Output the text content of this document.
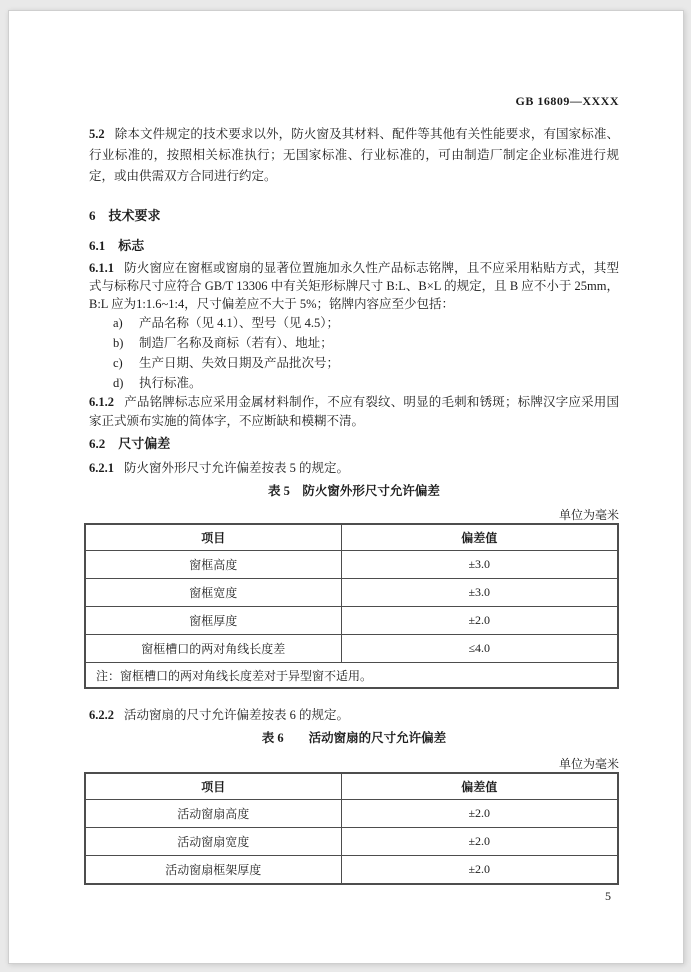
GB 16809—XXXX

5.2 除本文件规定的技术要求以外，防火窗及其材料、配件等其他有关性能要求，有国家标准、行业标准的，按照相关标准执行；无国家标准、行业标准的，可由制造厂制定企业标准进行规定，或由供需双方合同进行约定。

6 技术要求

6.1 标志

6.1.1 防火窗应在窗框或窗扇的显著位置施加永久性产品标志铭牌，且不应采用粘贴方式，其型式与标称尺寸应符合 GB/T 13306 中有关矩形标牌尺寸 B:L、B×L 的规定，且 B 应不小于 25mm，B:L 应为1:1.6~1:4，尺寸偏差应不大于 5%；铭牌内容应至少包括：

a) 产品名称（见 4.1）、型号（见 4.5）；
b) 制造厂名称及商标（若有）、地址；
c) 生产日期、失效日期及产品批次号；
d) 执行标准。

6.1.2 产品铭牌标志应采用金属材料制作，不应有裂纹、明显的毛刺和锈斑；标牌汉字应采用国家正式颁布实施的简体字，不应断缺和模糊不清。

6.2 尺寸偏差

6.2.1 防火窗外形尺寸允许偏差按表 5 的规定。

表 5　防火窗外形尺寸允许偏差
单位为毫米
项目	偏差值
窗框高度	±3.0
窗框宽度	±3.0
窗框厚度	±2.0
窗框槽口的两对角线长度差	≤4.0
注：窗框槽口的两对角线长度差对于异型窗不适用。	

6.2.2 活动窗扇的尺寸允许偏差按表 6 的规定。

表 6　　活动窗扇的尺寸允许偏差
单位为毫米
项目	偏差值
活动窗扇高度	±2.0
活动窗扇宽度	±2.0
活动窗扇框架厚度	±2.0
5
